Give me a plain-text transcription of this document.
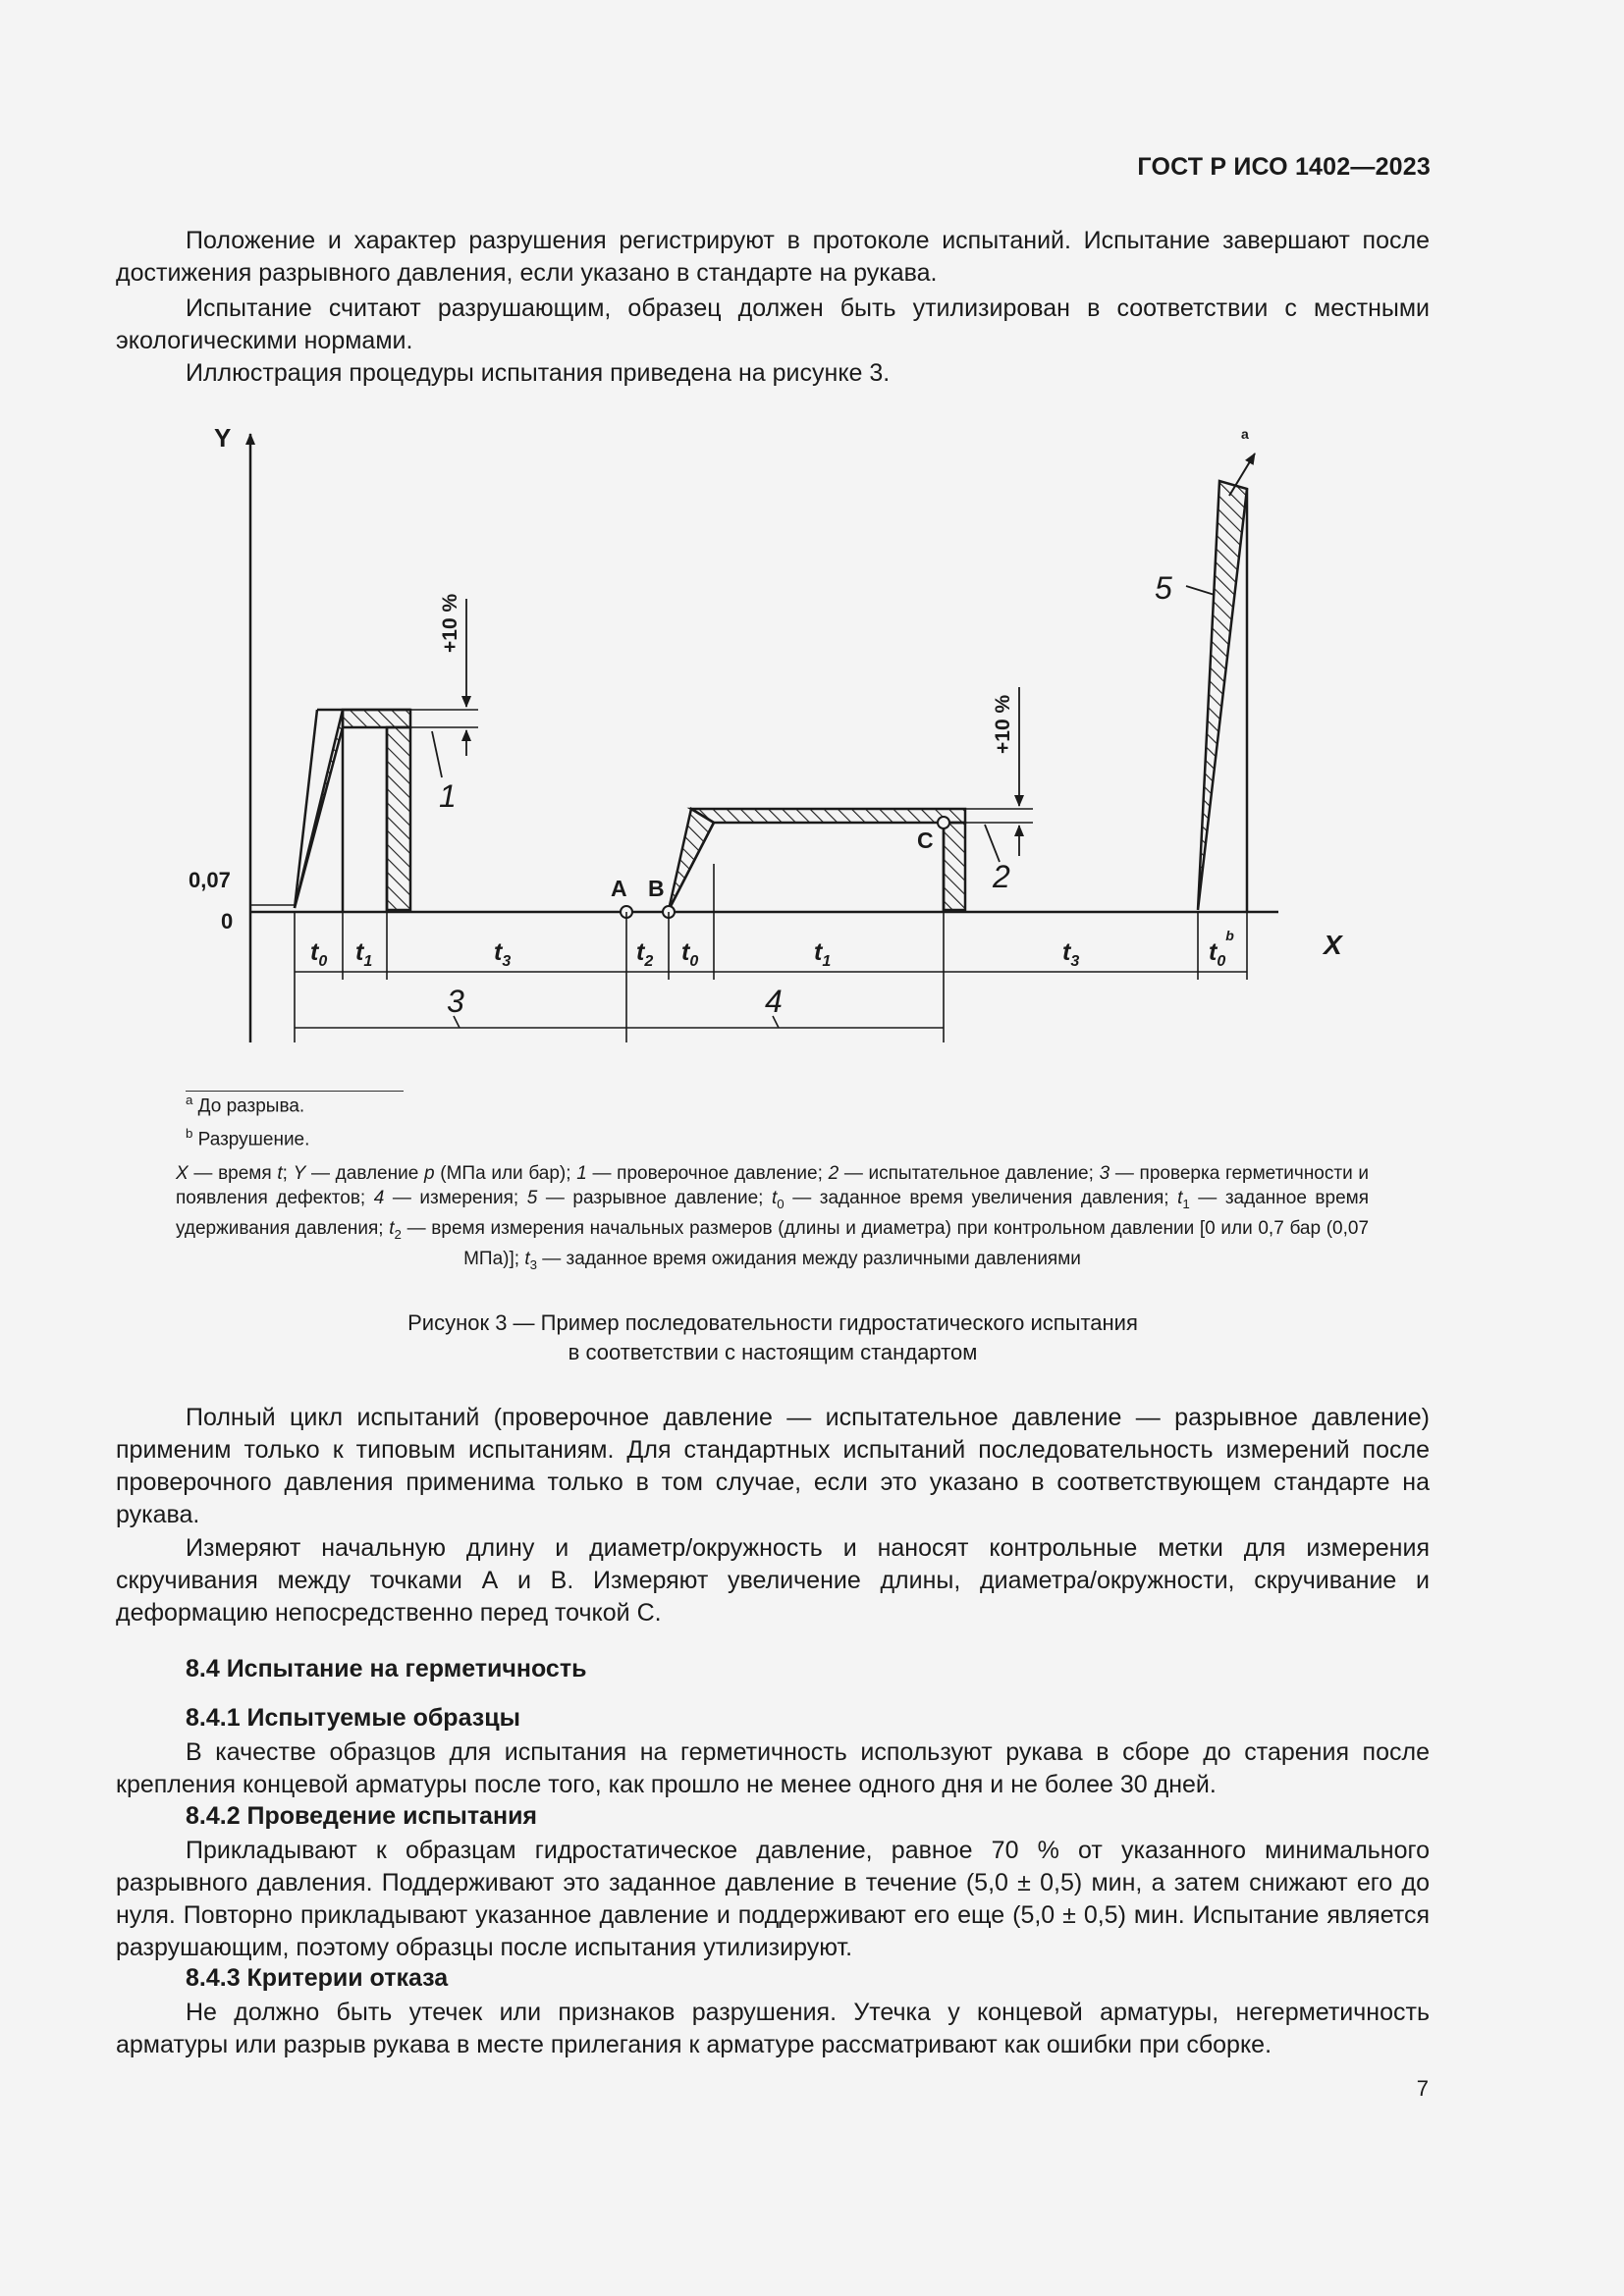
ГОСТ Р ИСО 1402—2023

Положение и характер разрушения регистрируют в протоколе испытаний. Испытание завершают после достижения разрывного давления, если указано в стандарте на рукава.

Испытание считают разрушающим, образец должен быть утилизирован в соответствии с местными экологическими нормами.

Иллюстрация процедуры испытания приведена на рисунке 3.

Y
X
0,07
0
+10 %
1
+10 %
2
5
a
A B
C
$t_0$ $t_1$	$t_3$	$t_2$ $t_0$	$t_1$	$t_3$	$t_0^b$
3	4
$^a$ До разрыва.
$^b$ Разрушение.

X — время t; Y — давление p (МПа или бар); 1 — проверочное давление; 2 — испытательное давление; 3 — проверка герметичности и появления дефектов; 4 — измерения; 5 — разрывное давление; $t_0$ — заданное время увеличения давления; $t_1$ — заданное время удерживания давления; $t_2$ — время измерения начальных размеров (длины и диаметра) при контрольном давлении [0 или 0,7 бар (0,07 МПа)]; $t_3$ — заданное время ожидания между различными давлениями

Рисунок 3 — Пример последовательности гидростатического испытания
в соответствии с настоящим стандартом

Полный цикл испытаний (проверочное давление — испытательное давление — разрывное давление) применим только к типовым испытаниям. Для стандартных испытаний последовательность измерений после проверочного давления применима только в том случае, если это указано в соответствующем стандарте на рукава.

Измеряют начальную длину и диаметр/окружность и наносят контрольные метки для измерения скручивания между точками А и В. Измеряют увеличение длины, диаметра/окружности, скручивание и деформацию непосредственно перед точкой С.

8.4 Испытание на герметичность

8.4.1 Испытуемые образцы

В качестве образцов для испытания на герметичность используют рукава в сборе до старения после крепления концевой арматуры после того, как прошло не менее одного дня и не более 30 дней.

8.4.2 Проведение испытания

Прикладывают к образцам гидростатическое давление, равное 70 % от указанного минимального разрывного давления. Поддерживают это заданное давление в течение (5,0 ± 0,5) мин, а затем снижают его до нуля. Повторно прикладывают указанное давление и поддерживают его еще (5,0 ± 0,5) мин. Испытание является разрушающим, поэтому образцы после испытания утилизируют.

8.4.3 Критерии отказа

Не должно быть утечек или признаков разрушения. Утечка у концевой арматуры, негерметичность арматуры или разрыв рукава в месте прилегания к арматуре рассматривают как ошибки при сборке.

7
